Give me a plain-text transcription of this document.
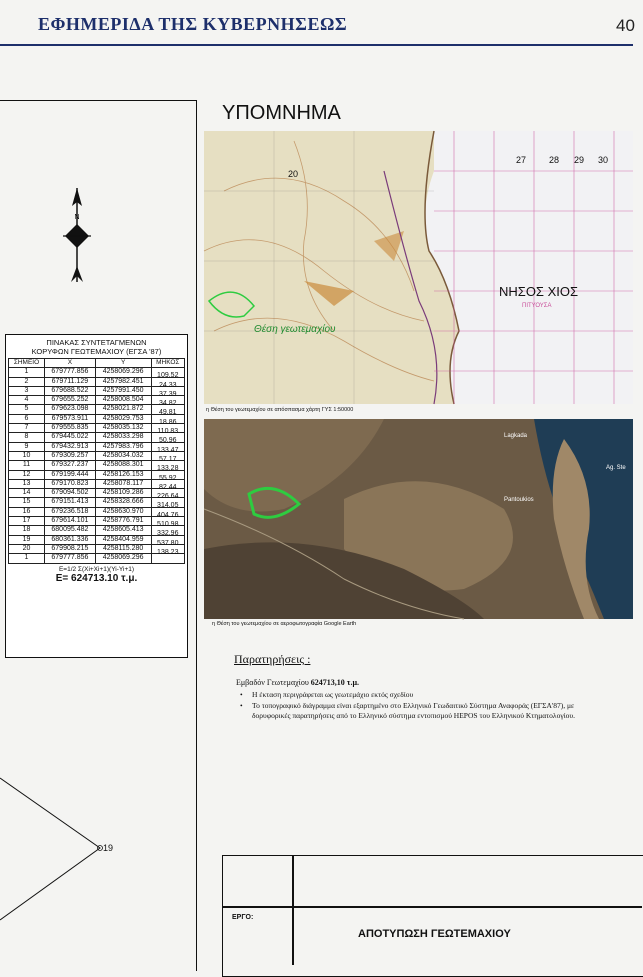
ΕΦΗΜΕΡΙΔΑ ΤΗΣ ΚΥΒΕΡΝΗΣΕΩΣ	40
N
ΠΙΝΑΚΑΣ ΣΥΝΤΕΤΑΓΜΕΝΩΝ
ΚΟΡΥΦΩΝ ΓΕΩΤΕΜΑΧΙΟΥ (ΕΓΣΑ '87)
ΣΗΜΕΙΟ	X	Y	ΜΗΚΟΣ
1	679777.856	4258069.296	109.52
2	679711.129	4257982.451	24.33
3	679688.522	4257991.450	37.39
4	679655.252	4258008.504	34.82
5	679623.098	4258021.872	49.81
6	679573.911	4258029.753	18.86
7	679555.835	4258035.132	110.83
8	679445.022	4258033.298	50.96
9	679432.913	4257983.796	133.47
10	679309.257	4258034.032	57.17
11	679327.237	4258088.301	133.28
12	679199.444	4258126.153	55.92
13	679170.823	4258078.117	82.44
14	679094.502	4258109.286	226.64
15	679151.413	4258328.666	314.05
16	679236.518	4258630.970	404.76
17	679614.101	4258776.791	510.98
18	680095.482	4258605.413	332.96
19	680361.336	4258404.959	537.80
20	679908.215	4258115.280	138.23
1	679777.856	4258069.296	
E=1/2 Σ(Xi+Xi+1)(Yi-Yi+1)
E= 624713.10 τ.μ.
19
ΥΠΟΜΝΗΜΑ
20
27	28 29 30
ΝΗΣΟΣ ΧΙΟΣ
ΠΙΤΥΟΥΣΑ
Θέση γεωτεμαχίου
η Θέση του γεωτεμαχίου σε απόσπασμα χάρτη ΓΥΣ 1:50000
Lagkada
Pantoukios
Ag. Ste
η Θέση του γεωτεμαχίου σε αεροφωτογραφία Google Earth
Παρατηρήσεις :
Εμβαδόν Γεωτεμαχίου 624713,10 τ.μ.
• Η έκταση περιγράφεται ως γεωτεμάχιο εκτός σχεδίου
• Το τοπογραφικό διάγραμμα είναι εξαρτημένο στο Ελληνικό Γεωδαιτικό Σύστημα Αναφοράς (ΕΓΣΑ'87), με δορυφορικές παρατηρήσεις από το Ελληνικό σύστημα εντοπισμού HEPOS του Ελληνικού Κτηματολογίου.
ΕΡΓΟ:
ΑΠΟΤΥΠΩΣΗ ΓΕΩΤΕΜΑΧΙΟΥ
